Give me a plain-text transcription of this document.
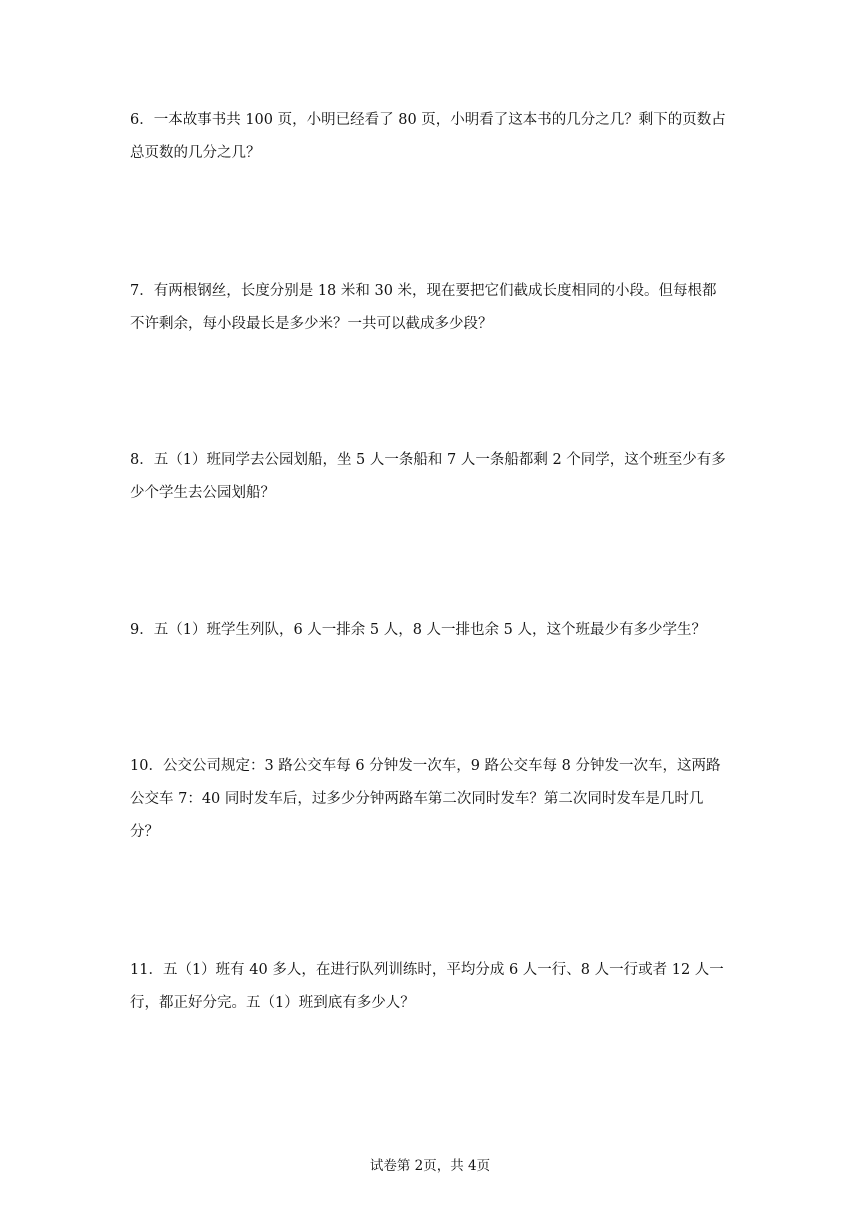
6．一本故事书共 100 页，小明已经看了 80 页，小明看了这本书的几分之几？剩下的页数占
总页数的几分之几？
7．有两根钢丝，长度分别是 18 米和 30 米，现在要把它们截成长度相同的小段。但每根都
不许剩余，每小段最长是多少米？一共可以截成多少段？
8．五（1）班同学去公园划船，坐 5 人一条船和 7 人一条船都剩 2 个同学，这个班至少有多
少个学生去公园划船？
9．五（1）班学生列队，6 人一排余 5 人，8 人一排也余 5 人，这个班最少有多少学生？
10．公交公司规定：3 路公交车每 6 分钟发一次车，9 路公交车每 8 分钟发一次车，这两路
公交车 7：40 同时发车后，过多少分钟两路车第二次同时发车？第二次同时发车是几时几
分？
11．五（1）班有 40 多人，在进行队列训练时，平均分成 6 人一行、8 人一行或者 12 人一
行，都正好分完。五（1）班到底有多少人？
试卷第 2页，共 4页
